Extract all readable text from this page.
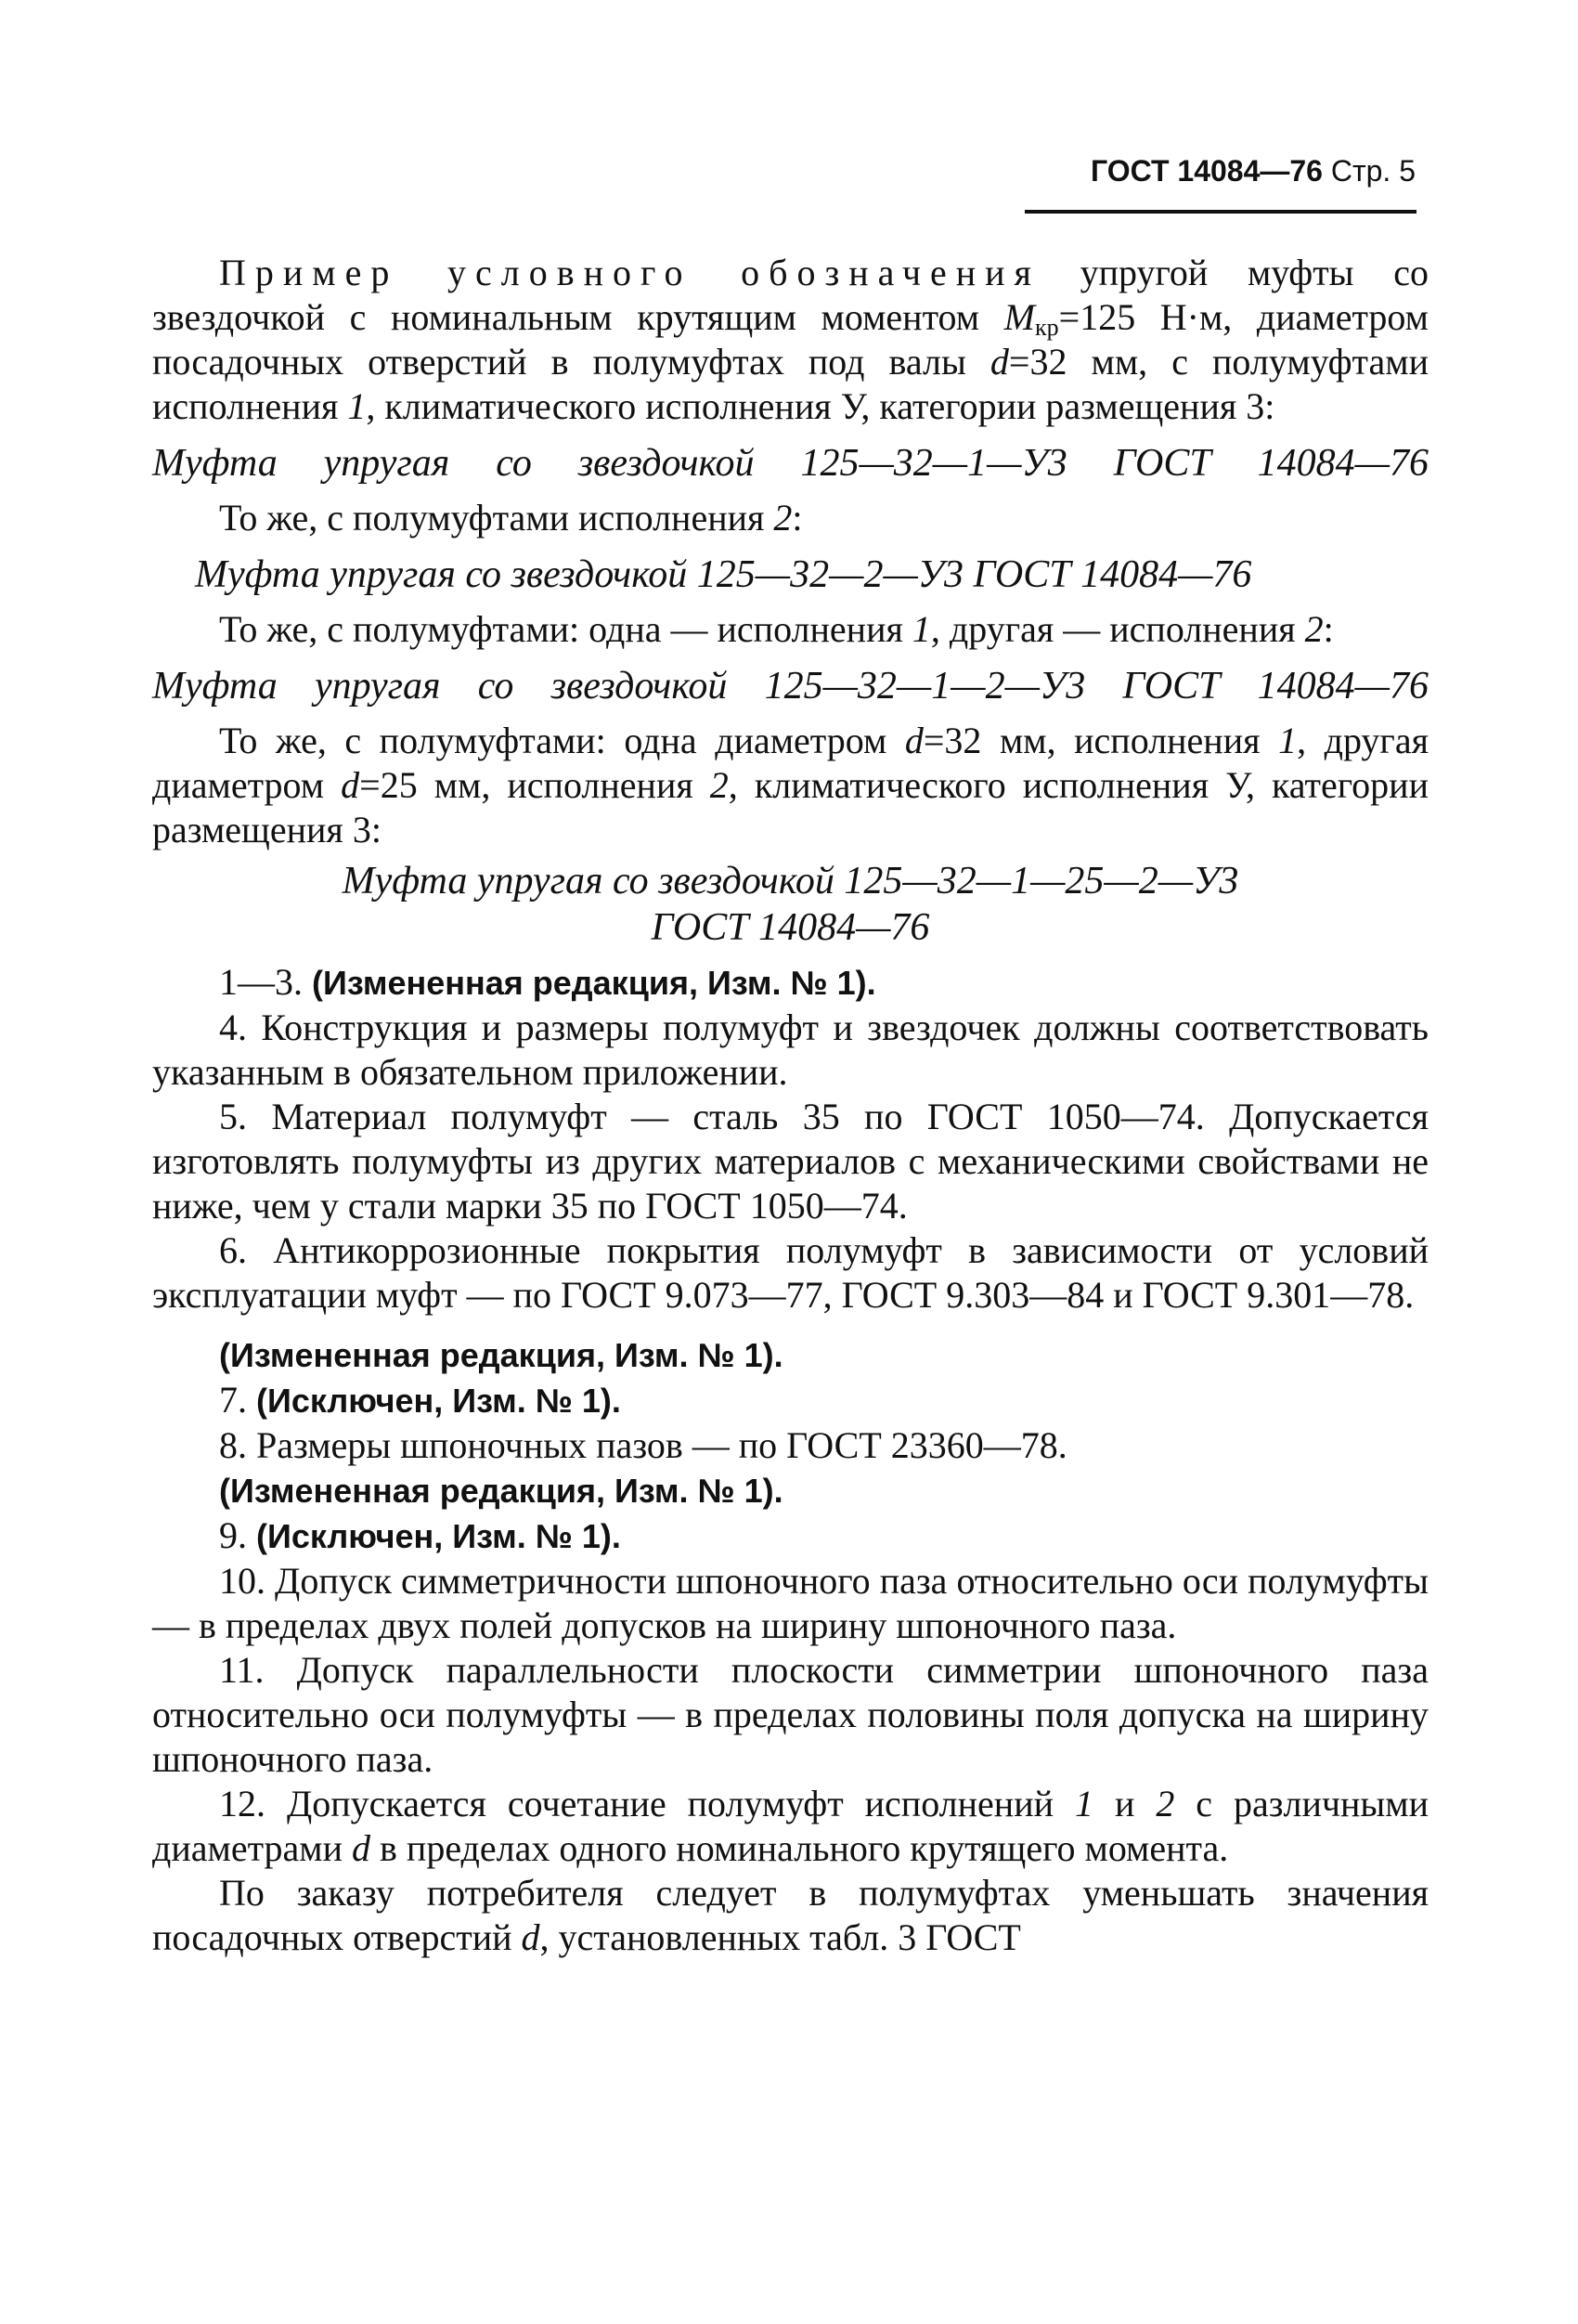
ГОСТ 14084—76 Стр. 5

Пример условного обозначения упругой муфты со звездочкой с номинальным крутящим моментом $M_{кр}=125$ Н·м, диаметром посадочных отверстий в полумуфтах под валы d=32 мм, с полумуфтами исполнения 1, климатического исполнения У, категории размещения 3:

Муфта упругая со звездочкой 125—32—1—У3 ГОСТ 14084—76

То же, с полумуфтами исполнения 2:

Муфта упругая со звездочкой 125—32—2—У3 ГОСТ 14084—76

То же, с полумуфтами: одна — исполнения 1, другая — исполнения 2:

Муфта упругая со звездочкой 125—32—1—2—У3 ГОСТ 14084—76

То же, с полумуфтами: одна диаметром d=32 мм, исполнения 1, другая диаметром d=25 мм, исполнения 2, климатического исполнения У, категории размещения 3:

Муфта упругая со звездочкой 125—32—1—25—2—У3
ГОСТ 14084—76

1—3. (Измененная редакция, Изм. № 1).

4. Конструкция и размеры полумуфт и звездочек должны соответствовать указанным в обязательном приложении.

5. Материал полумуфт — сталь 35 по ГОСТ 1050—74. Допускается изготовлять полумуфты из других материалов с механическими свойствами не ниже, чем у стали марки 35 по ГОСТ 1050—74.

6. Антикоррозионные покрытия полумуфт в зависимости от условий эксплуатации муфт — по ГОСТ 9.073—77, ГОСТ 9.303—84 и ГОСТ 9.301—78.

(Измененная редакция, Изм. № 1).

7. (Исключен, Изм. № 1).

8. Размеры шпоночных пазов — по ГОСТ 23360—78.

(Измененная редакция, Изм. № 1).

9. (Исключен, Изм. № 1).

10. Допуск симметричности шпоночного паза относительно оси полумуфты — в пределах двух полей допусков на ширину шпоночного паза.

11. Допуск параллельности плоскости симметрии шпоночного паза относительно оси полумуфты — в пределах половины поля допуска на ширину шпоночного паза.

12. Допускается сочетание полумуфт исполнений 1 и 2 с различными диаметрами d в пределах одного номинального крутящего момента.

По заказу потребителя следует в полумуфтах уменьшать значения посадочных отверстий d, установленных табл. 3 ГОСТ
